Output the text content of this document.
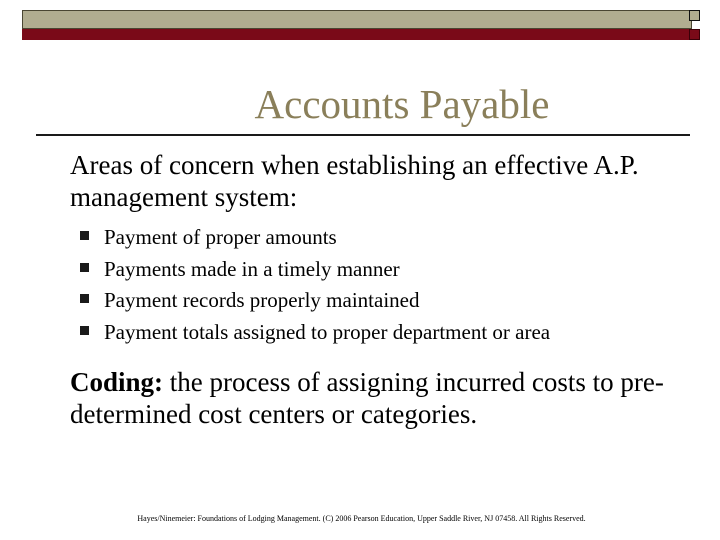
Accounts Payable
Areas of concern when establishing an effective A.P. management system:
Payment of proper amounts
Payments made in a timely manner
Payment records properly maintained
Payment totals assigned to proper department or area
Coding: the process of assigning incurred costs to pre-determined cost centers or categories.
Hayes/Ninemeier: Foundations of Lodging Management. (C) 2006 Pearson Education, Upper Saddle River, NJ 07458. All Rights Reserved.
